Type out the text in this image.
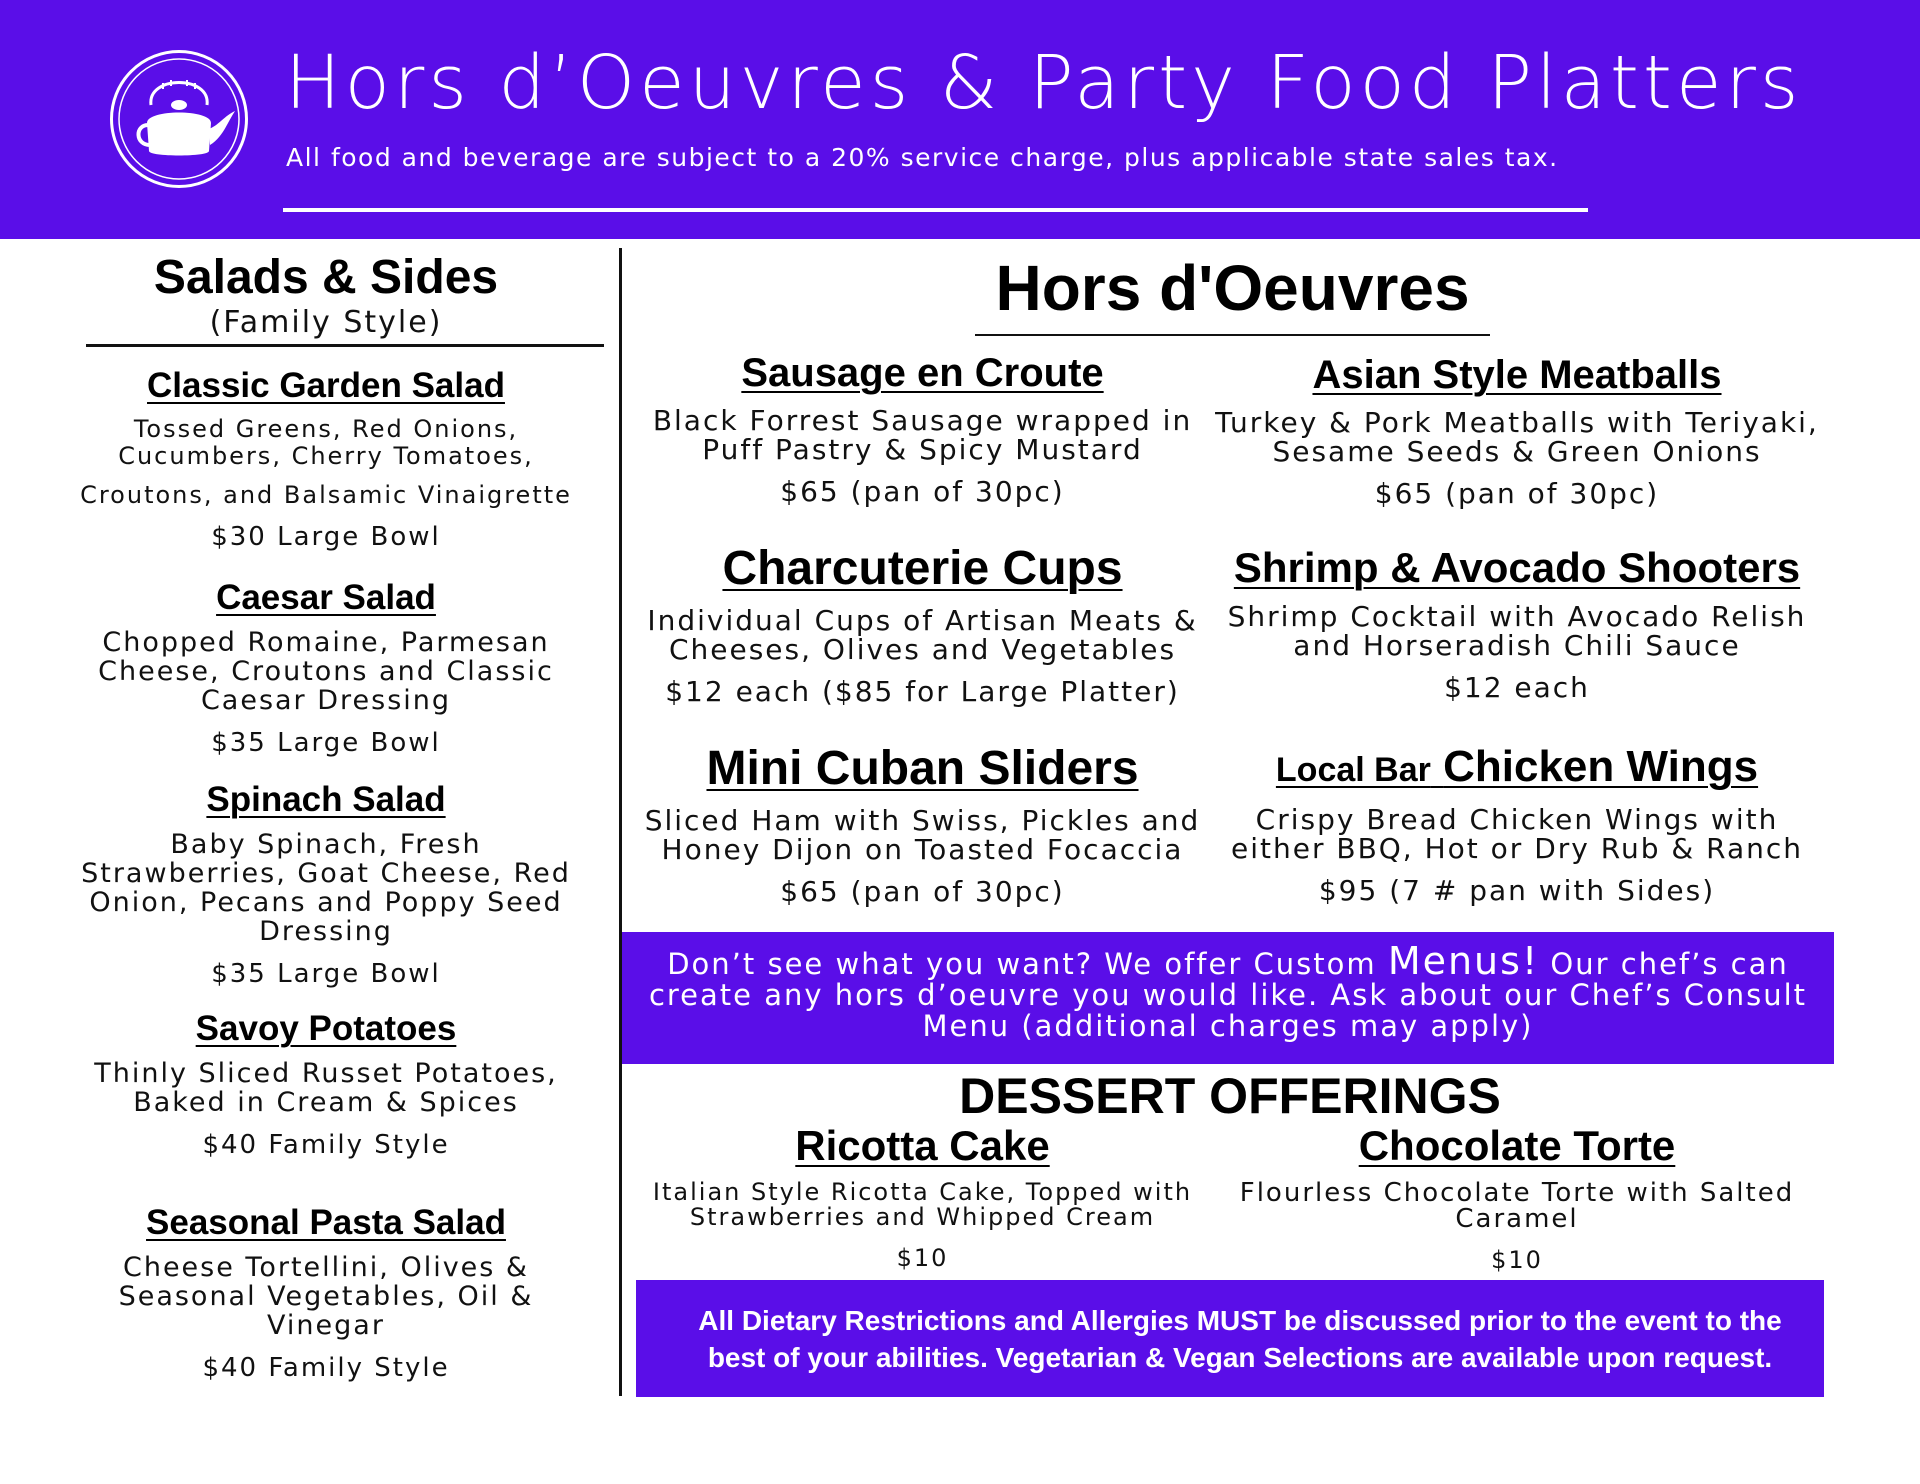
Hors d’Oeuvres & Party Food Platters
All food and beverage are subject to a 20% service charge, plus applicable state sales tax.
Salads & Sides
(Family Style)
Classic Garden Salad
Tossed Greens, Red Onions,
Cucumbers, Cherry Tomatoes,
Croutons, and Balsamic Vinaigrette
$30 Large Bowl
Caesar Salad
Chopped Romaine, Parmesan
Cheese, Croutons and Classic
Caesar Dressing
$35 Large Bowl
Spinach Salad
Baby Spinach, Fresh
Strawberries, Goat Cheese, Red
Onion, Pecans and Poppy Seed
Dressing
$35 Large Bowl
Savoy Potatoes
Thinly Sliced Russet Potatoes,
Baked in Cream & Spices
$40 Family Style
Seasonal Pasta Salad
Cheese Tortellini, Olives &
Seasonal Vegetables, Oil &
Vinegar
$40 Family Style
Hors d'Oeuvres
Sausage en Croute
Black Forrest Sausage wrapped in
Puff Pastry & Spicy Mustard
$65 (pan of 30pc)
Asian Style Meatballs
Turkey & Pork Meatballs with Teriyaki,
Sesame Seeds & Green Onions
$65 (pan of 30pc)
Charcuterie Cups
Individual Cups of Artisan Meats &
Cheeses, Olives and Vegetables
$12 each ($85 for Large Platter)
Shrimp & Avocado Shooters
Shrimp Cocktail with Avocado Relish
and Horseradish Chili Sauce
$12 each
Mini Cuban Sliders
Sliced Ham with Swiss, Pickles and
Honey Dijon on Toasted Focaccia
$65 (pan of 30pc)
Local Bar Chicken Wings
Crispy Bread Chicken Wings with
either BBQ, Hot or Dry Rub & Ranch
$95 (7 # pan with Sides)
Don’t see what you want? We offer Custom Menus! Our chef’s can
create any hors d’oeuvre you would like. Ask about our Chef’s Consult
Menu (additional charges may apply)
DESSERT OFFERINGS
Ricotta Cake
Italian Style Ricotta Cake, Topped with
Strawberries and Whipped Cream
$10
Chocolate Torte
Flourless Chocolate Torte with Salted
Caramel
$10
All Dietary Restrictions and Allergies MUST be discussed prior to the event to the
best of your abilities. Vegetarian & Vegan Selections are available upon request.
